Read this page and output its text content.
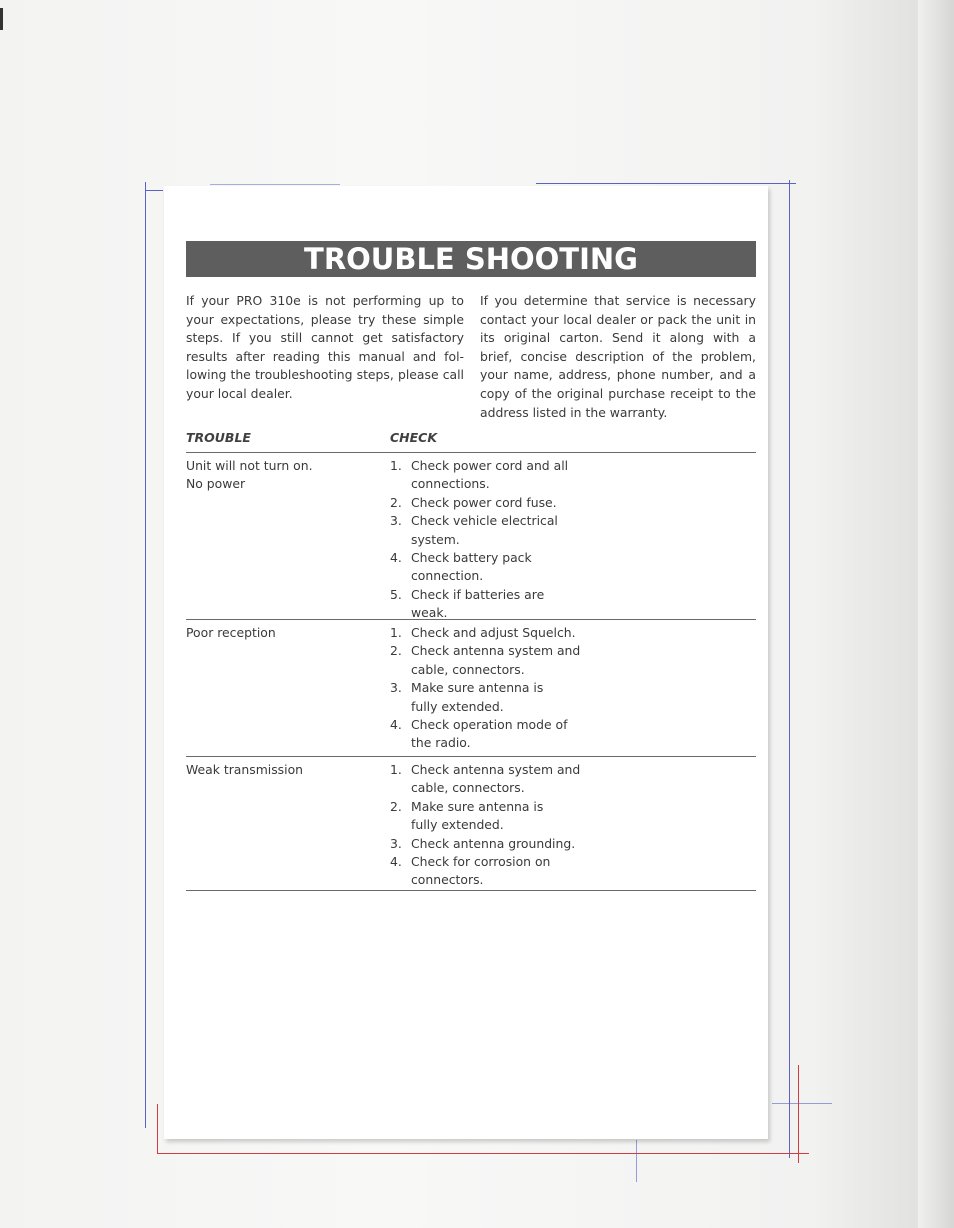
TROUBLE SHOOTING

If your PRO 310e is not performing up to your expectations, please try these simple steps. If you still cannot get satisfactory results after reading this manual and fol- lowing the troubleshooting steps, please call your local dealer.

If you determine that service is necessary contact your local dealer or pack the unit in its original carton. Send it along with a brief, concise description of the problem, your name, address, phone number, and a copy of the original purchase receipt to the address listed in the warranty.

TROUBLE	CHECK

Unit will not turn on.
No power

1. Check power cord and all
connections.
2. Check power cord fuse.
3. Check vehicle electrical
system.
4. Check battery pack
connection.
5. Check if batteries are
weak.

Poor reception	1. Check and adjust Squelch.
2. Check antenna system and
cable, connectors.
3. Make sure antenna is
fully extended.
4. Check operation mode of
the radio.

Weak transmission	1. Check antenna system and
cable, connectors.
2. Make sure antenna is
fully extended.
3. Check antenna grounding.
4. Check for corrosion on
connectors.
